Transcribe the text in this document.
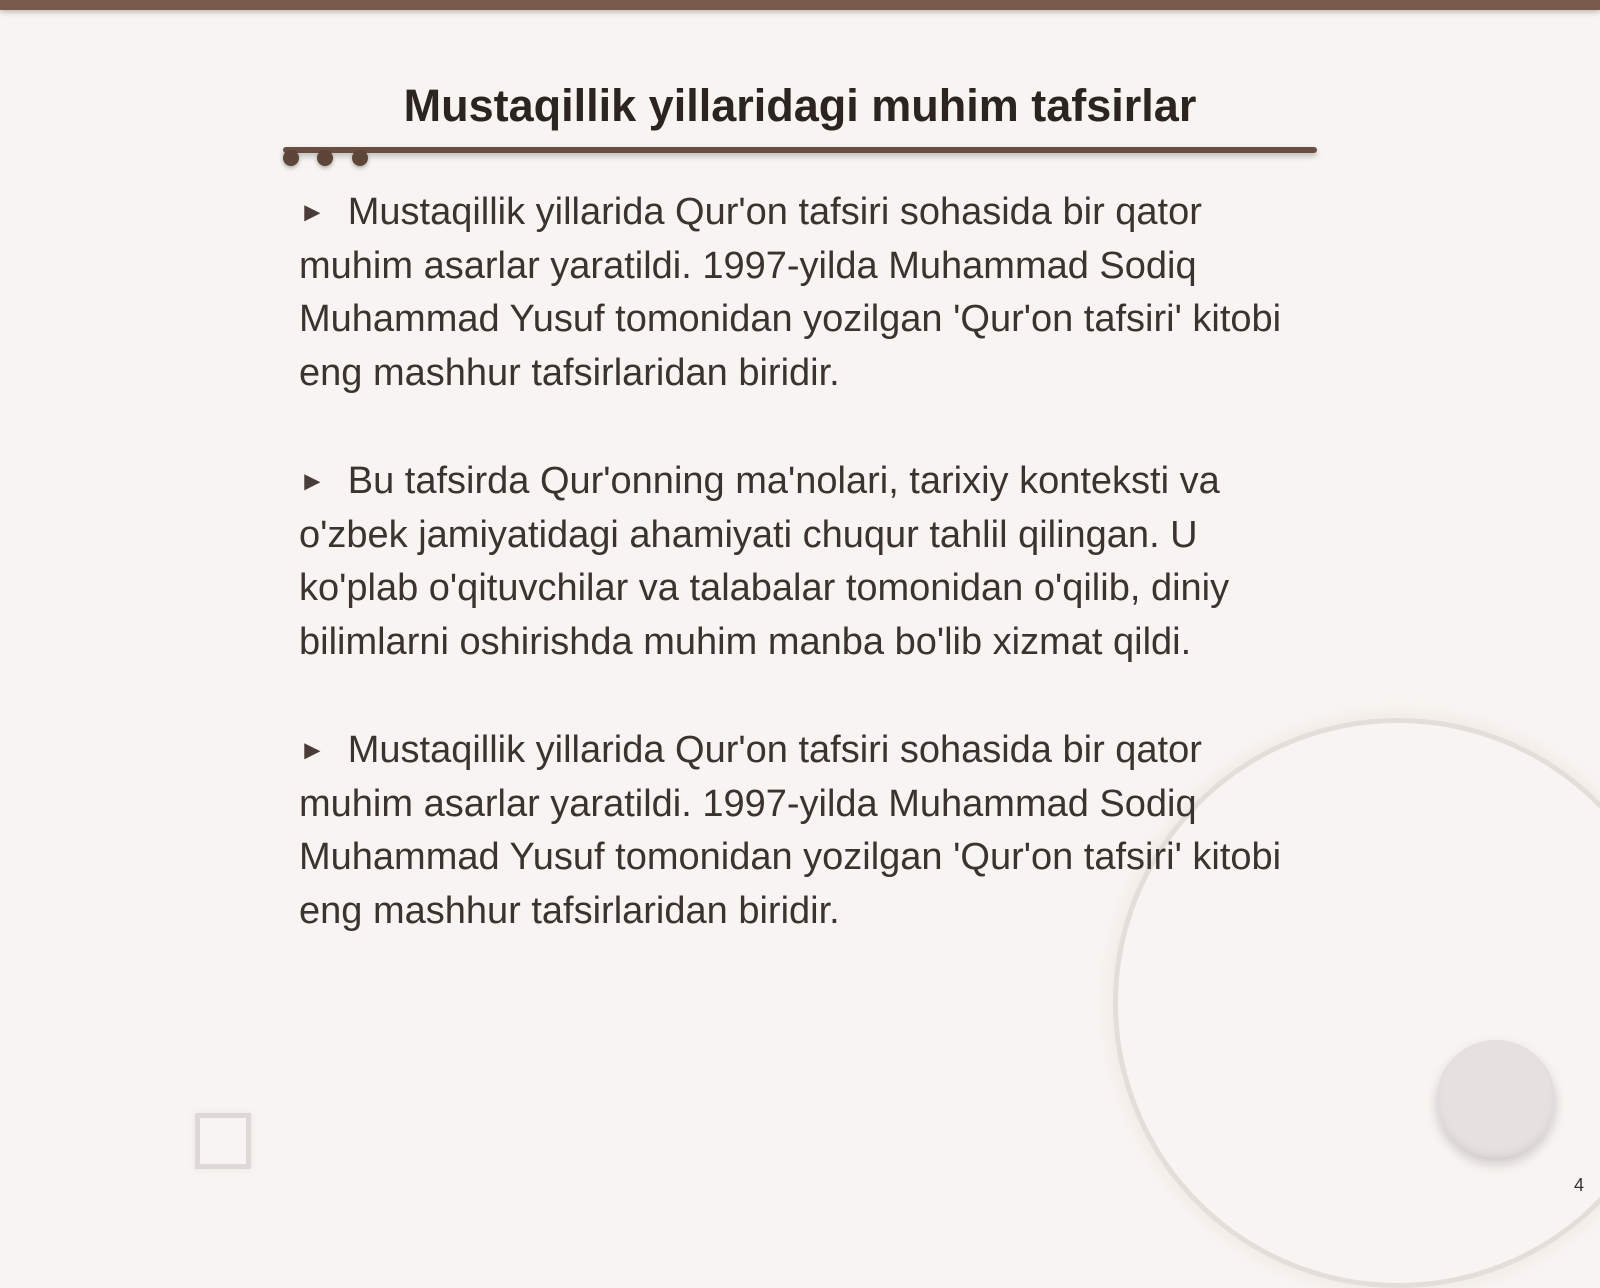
Mustaqillik yillaridagi muhim tafsirlar

► Mustaqillik yillarida Qur'on tafsiri sohasida bir qator muhim asarlar yaratildi. 1997-yilda Muhammad Sodiq Muhammad Yusuf tomonidan yozilgan 'Qur'on tafsiri' kitobi eng mashhur tafsirlaridan biridir.

► Bu tafsirda Qur'onning ma'nolari, tarixiy konteksti va o'zbek jamiyatidagi ahamiyati chuqur tahlil qilingan. U ko'plab o'qituvchilar va talabalar tomonidan o'qilib, diniy bilimlarni oshirishda muhim manba bo'lib xizmat qildi.

► Mustaqillik yillarida Qur'on tafsiri sohasida bir qator muhim asarlar yaratildi. 1997-yilda Muhammad Sodiq Muhammad Yusuf tomonidan yozilgan 'Qur'on tafsiri' kitobi eng mashhur tafsirlaridan biridir.

4
